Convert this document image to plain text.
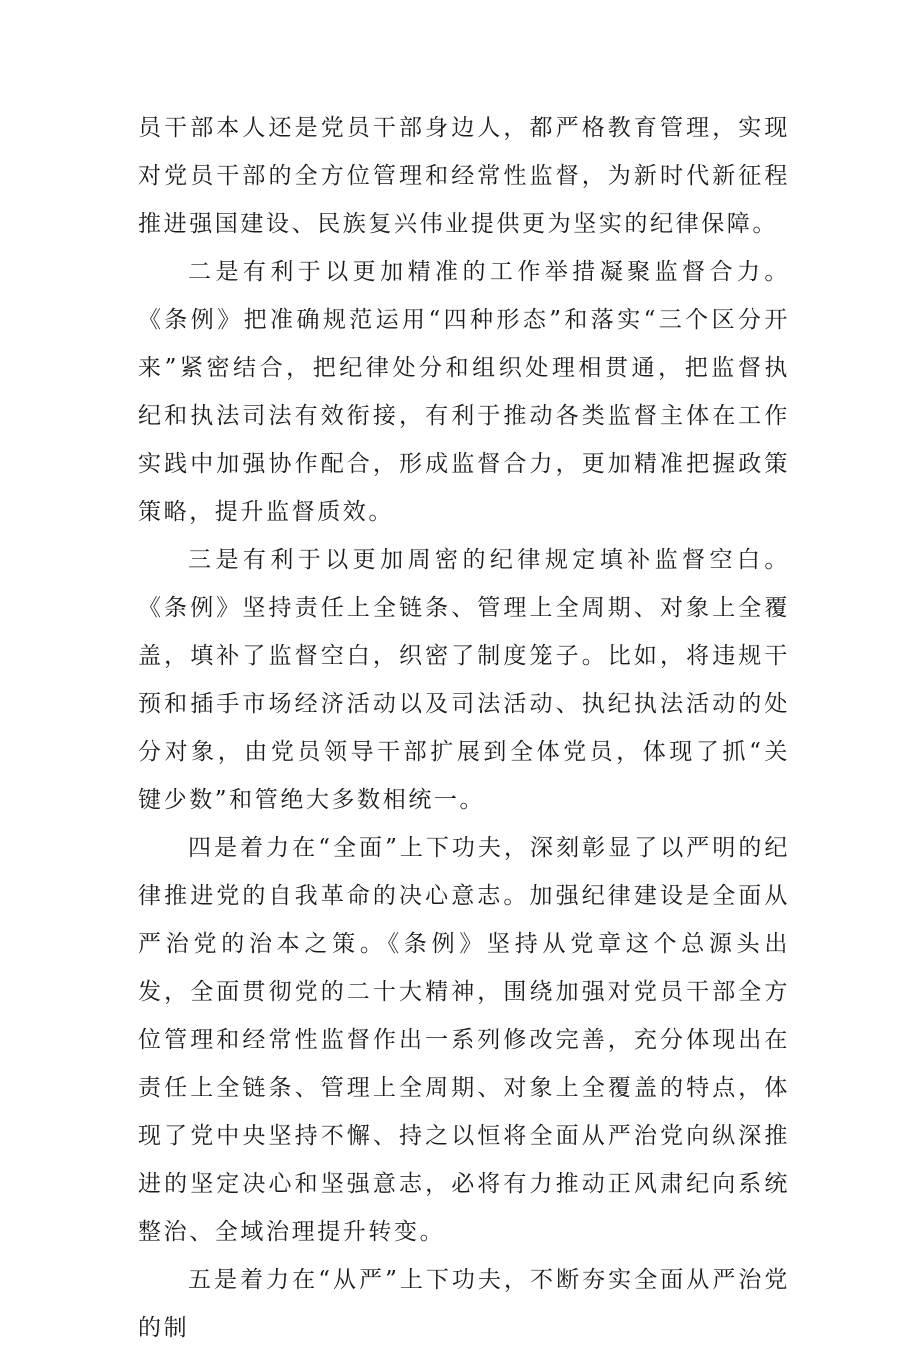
员干部本人还是党员干部身边人，都严格教育管理，实现对党员干部的全方位管理和经常性监督，为新时代新征程推进强国建设、民族复兴伟业提供更为坚实的纪律保障。

二是有利于以更加精准的工作举措凝聚监督合力。《条例》把准确规范运用“四种形态”和落实“三个区分开来”紧密结合，把纪律处分和组织处理相贯通，把监督执纪和执法司法有效衔接，有利于推动各类监督主体在工作实践中加强协作配合，形成监督合力，更加精准把握政策策略，提升监督质效。

三是有利于以更加周密的纪律规定填补监督空白。《条例》坚持责任上全链条、管理上全周期、对象上全覆盖，填补了监督空白，织密了制度笼子。比如，将违规干预和插手市场经济活动以及司法活动、执纪执法活动的处分对象，由党员领导干部扩展到全体党员，体现了抓“关键少数”和管绝大多数相统一。

四是着力在“全面”上下功夫，深刻彰显了以严明的纪律推进党的自我革命的决心意志。加强纪律建设是全面从严治党的治本之策。《条例》坚持从党章这个总源头出发，全面贯彻党的二十大精神，围绕加强对党员干部全方位管理和经常性监督作出一系列修改完善，充分体现出在责任上全链条、管理上全周期、对象上全覆盖的特点，体现了党中央坚持不懈、持之以恒将全面从严治党向纵深推进的坚定决心和坚强意志，必将有力推动正风肃纪向系统整治、全域治理提升转变。

五是着力在“从严”上下功夫，不断夯实全面从严治党的制
